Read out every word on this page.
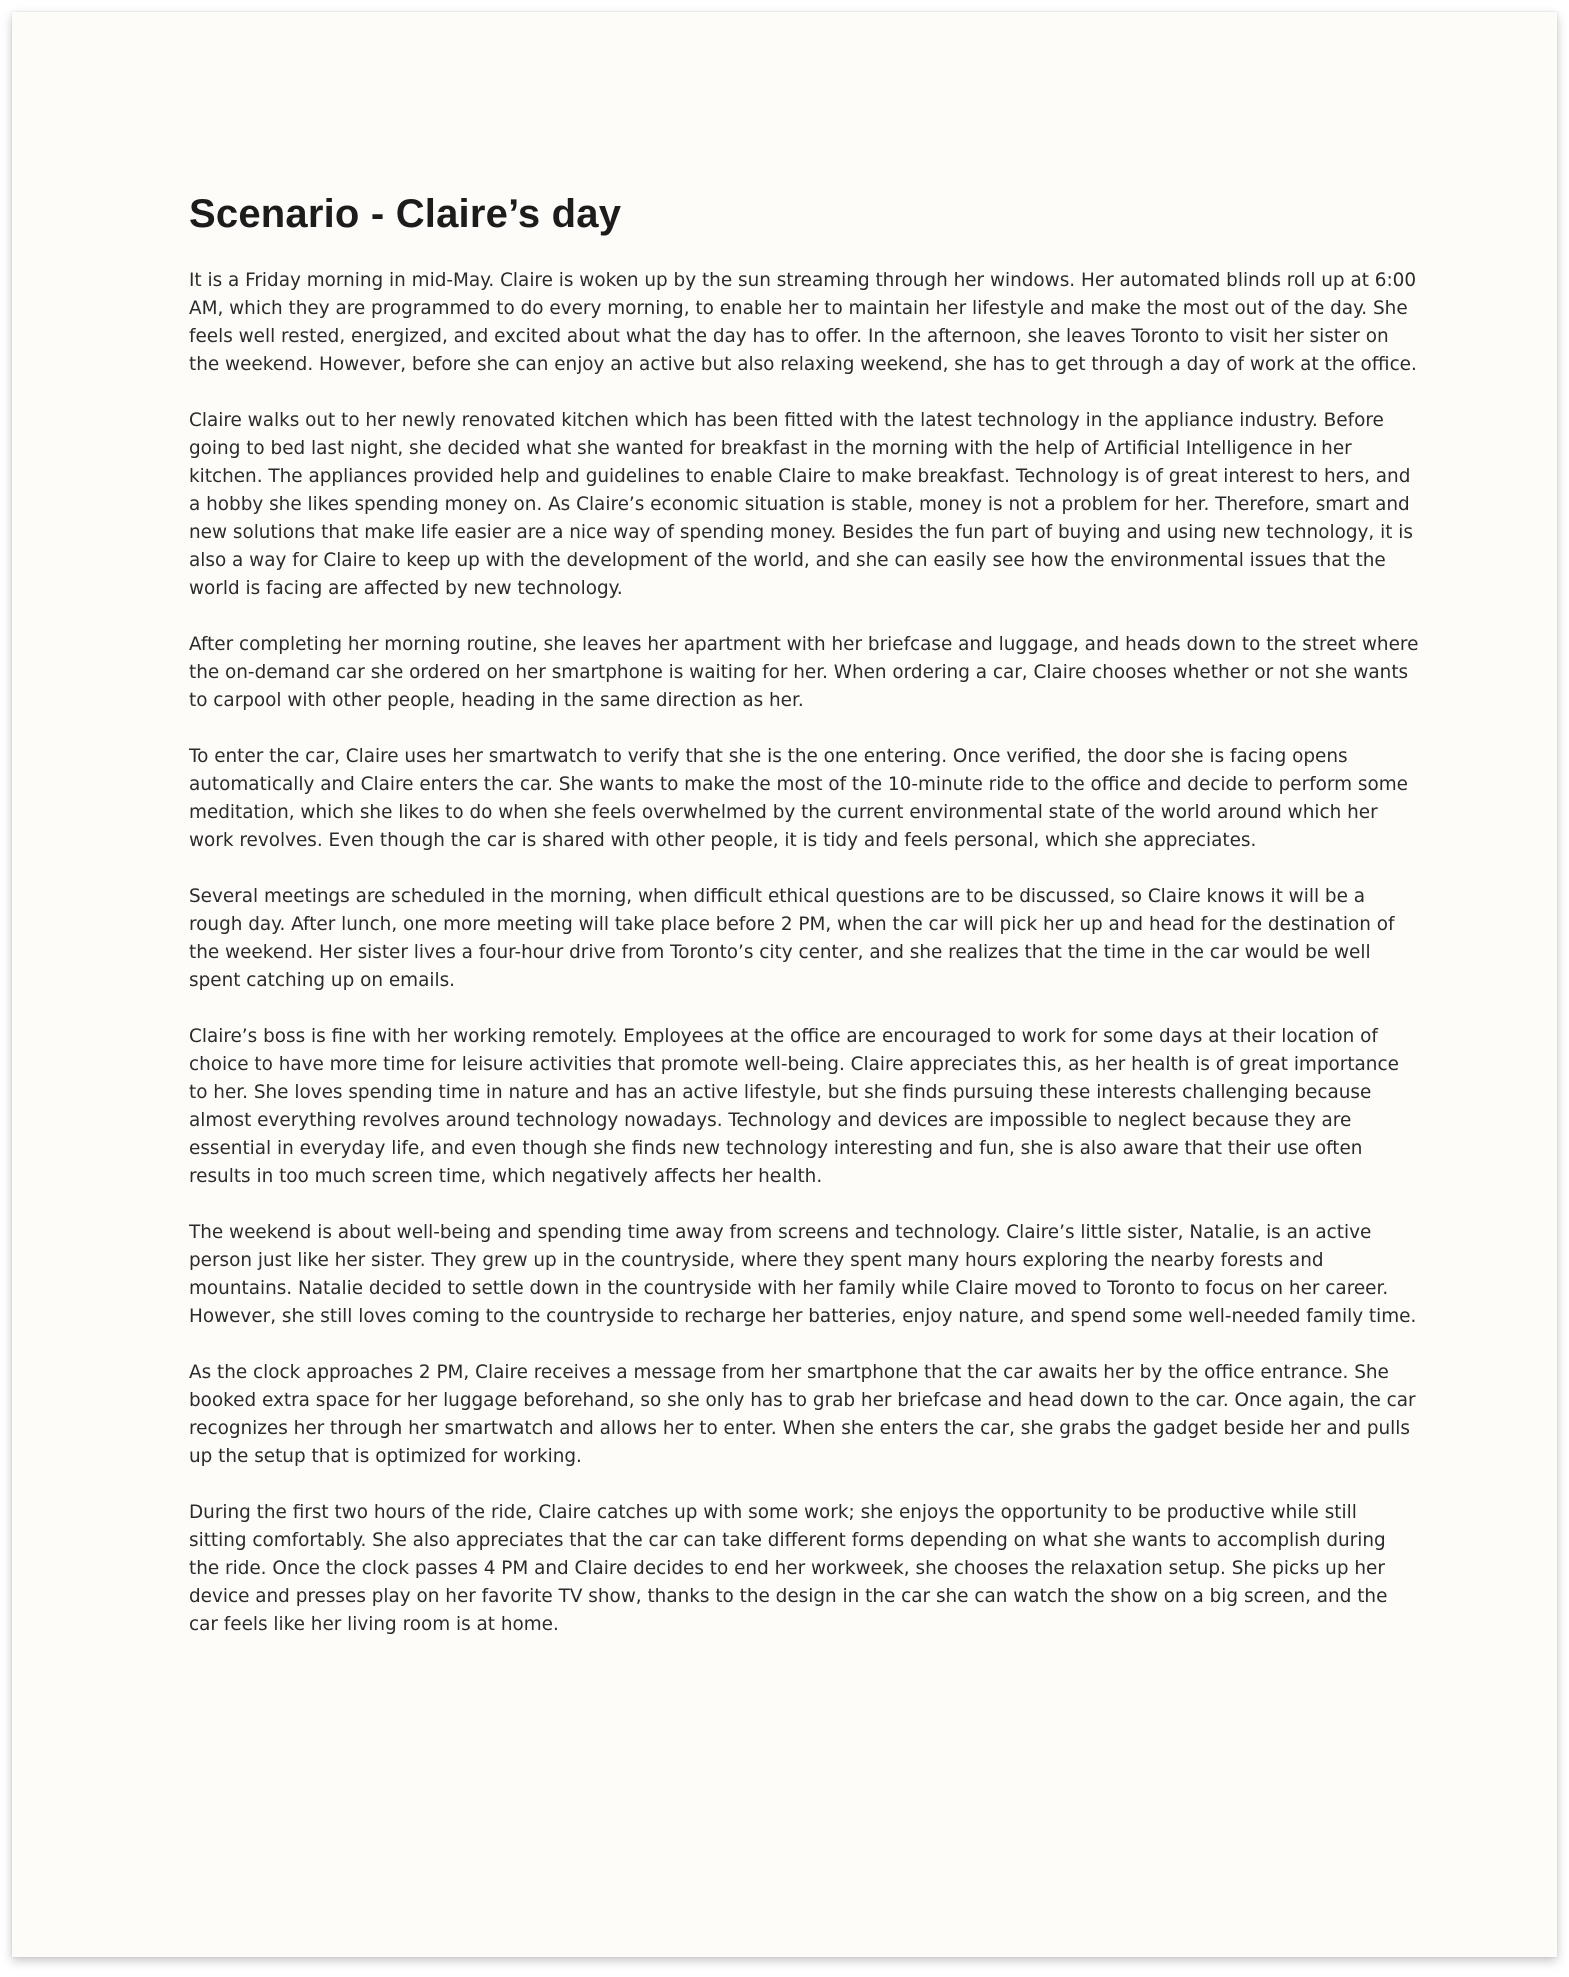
Scenario - Claire’s day

It is a Friday morning in mid-May. Claire is woken up by the sun streaming through her windows. Her automated blinds roll up at 6:00 AM, which they are programmed to do every morning, to enable her to maintain her lifestyle and make the most out of the day. She feels well rested, energized, and excited about what the day has to offer. In the afternoon, she leaves Toronto to visit her sister on the weekend. However, before she can enjoy an active but also relaxing weekend, she has to get through a day of work at the office.

Claire walks out to her newly renovated kitchen which has been fitted with the latest technology in the appliance industry. Before going to bed last night, she decided what she wanted for breakfast in the morning with the help of Artificial Intelligence in her kitchen. The appliances provided help and guidelines to enable Claire to make breakfast. Technology is of great interest to hers, and a hobby she likes spending money on. As Claire’s economic situation is stable, money is not a problem for her. Therefore, smart and new solutions that make life easier are a nice way of spending money. Besides the fun part of buying and using new technology, it is also a way for Claire to keep up with the development of the world, and she can easily see how the environmental issues that the world is facing are affected by new technology.

After completing her morning routine, she leaves her apartment with her briefcase and luggage, and heads down to the street where the on-demand car she ordered on her smartphone is waiting for her. When ordering a car, Claire chooses whether or not she wants to carpool with other people, heading in the same direction as her.

To enter the car, Claire uses her smartwatch to verify that she is the one entering. Once verified, the door she is facing opens automatically and Claire enters the car. She wants to make the most of the 10-minute ride to the office and decide to perform some meditation, which she likes to do when she feels overwhelmed by the current environmental state of the world around which her work revolves. Even though the car is shared with other people, it is tidy and feels personal, which she appreciates.

Several meetings are scheduled in the morning, when difficult ethical questions are to be discussed, so Claire knows it will be a rough day. After lunch, one more meeting will take place before 2 PM, when the car will pick her up and head for the destination of the weekend. Her sister lives a four-hour drive from Toronto’s city center, and she realizes that the time in the car would be well spent catching up on emails.

Claire’s boss is fine with her working remotely. Employees at the office are encouraged to work for some days at their location of choice to have more time for leisure activities that promote well-being. Claire appreciates this, as her health is of great importance to her. She loves spending time in nature and has an active lifestyle, but she finds pursuing these interests challenging because almost everything revolves around technology nowadays. Technology and devices are impossible to neglect because they are essential in everyday life, and even though she finds new technology interesting and fun, she is also aware that their use often results in too much screen time, which negatively affects her health.

The weekend is about well-being and spending time away from screens and technology. Claire’s little sister, Natalie, is an active person just like her sister. They grew up in the countryside, where they spent many hours exploring the nearby forests and mountains. Natalie decided to settle down in the countryside with her family while Claire moved to Toronto to focus on her career. However, she still loves coming to the countryside to recharge her batteries, enjoy nature, and spend some well-needed family time.

As the clock approaches 2 PM, Claire receives a message from her smartphone that the car awaits her by the office entrance. She booked extra space for her luggage beforehand, so she only has to grab her briefcase and head down to the car. Once again, the car recognizes her through her smartwatch and allows her to enter. When she enters the car, she grabs the gadget beside her and pulls up the setup that is optimized for working.

During the first two hours of the ride, Claire catches up with some work; she enjoys the opportunity to be productive while still sitting comfortably. She also appreciates that the car can take different forms depending on what she wants to accomplish during the ride. Once the clock passes 4 PM and Claire decides to end her workweek, she chooses the relaxation setup. She picks up her device and presses play on her favorite TV show, thanks to the design in the car she can watch the show on a big screen, and the car feels like her living room is at home.
